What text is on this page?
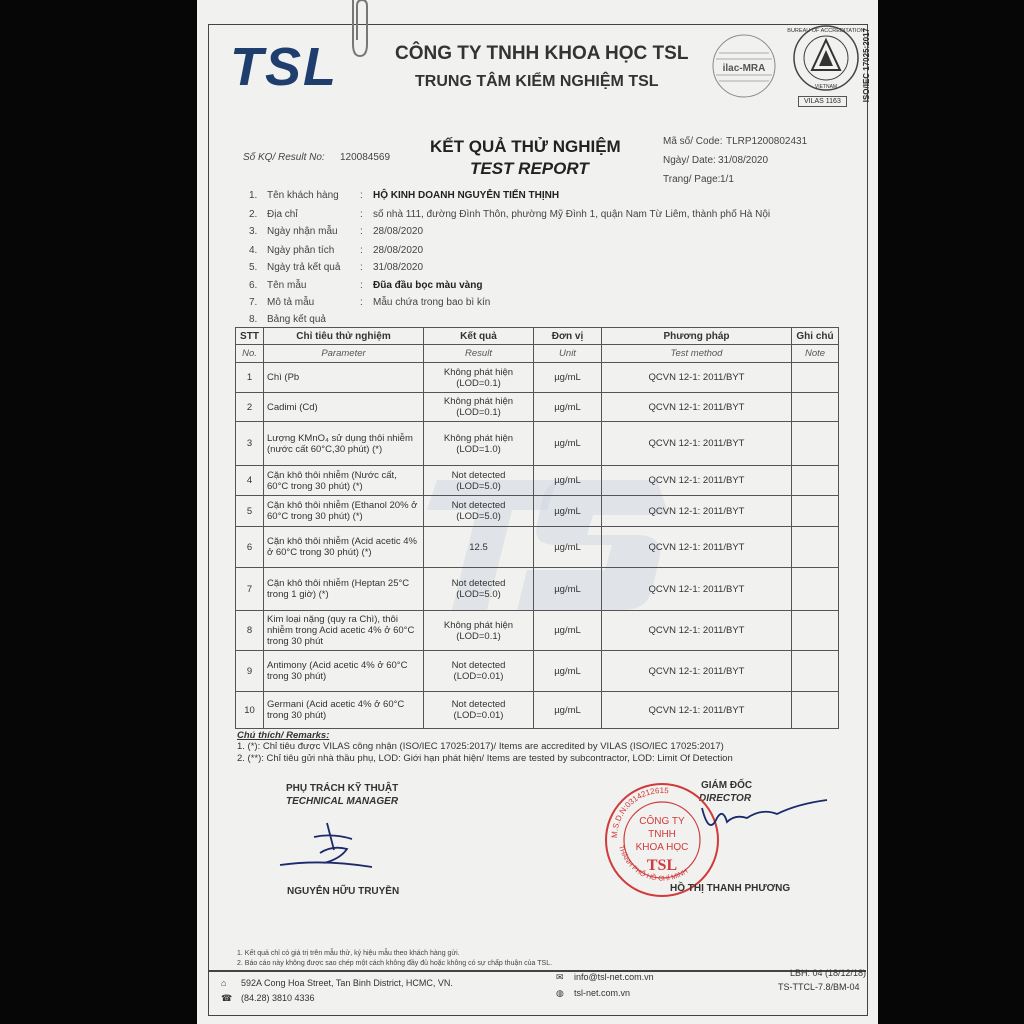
TSL	CÔNG TY TNHH KHOA HỌC TSL
TRUNG TÂM KIỂM NGHIỆM TSL
ilac-MRA
BUREAU OF ACCREDITATION
VIETNAM
VILAS 1163	ISO/IEC 17025:2017
KẾT QUẢ THỬ NGHIỆM
TEST REPORT
Số KQ/ Result No: 120084569
Mã số/ Code: TLRP1200802431
Ngày/ Date: 31/08/2020
Trang/ Page: 1/1
1. Tên khách hàng : HỘ KINH DOANH NGUYỄN TIẾN THỊNH
2. Địa chỉ	: số nhà 111, đường Đình Thôn, phường Mỹ Đình 1, quận Nam Từ Liêm, thành phố Hà Nội
3. Ngày nhận mẫu : 28/08/2020
4. Ngày phân tích	: 28/08/2020
5. Ngày trả kết quả : 31/08/2020
6. Tên mẫu	: Đũa đầu bọc màu vàng
7. Mô tả mẫu	: Mẫu chứa trong bao bì kín
8. Bảng kết quả
STT	Chỉ tiêu thử nghiệm	Kết quả	Đơn vị	Phương pháp	Ghi chú
No.	Parameter	Result	Unit	Test method	Note
1	Chì (Pb	Không phát hiện
(LOD=0.1)	µg/mL	QCVN 12-1: 2011/BYT	
2	Cadimi (Cd)	Không phát hiện
(LOD=0.1)	µg/mL	QCVN 12-1: 2011/BYT	
3	Lượng KMnO₄ sử dụng thôi nhiễm (nước cất 60°C,30 phút) (*)	Không phát hiện
(LOD=1.0)	µg/mL	QCVN 12-1: 2011/BYT	
4	Cặn khô thôi nhiễm (Nước cất, 60°C trong 30 phút) (*)	Not detected
(LOD=5.0)	µg/mL	QCVN 12-1: 2011/BYT	
5	Cặn khô thôi nhiễm (Ethanol 20% ở 60°C trong 30 phút) (*)	Not detected
(LOD=5.0)	µg/mL	QCVN 12-1: 2011/BYT	
6	Cặn khô thôi nhiễm (Acid acetic 4% ở 60°C trong 30 phút) (*)	12.5	µg/mL	QCVN 12-1: 2011/BYT	
7	Cặn khô thôi nhiễm (Heptan 25°C trong 1 giờ) (*)	Not detected
(LOD=5.0)	µg/mL	QCVN 12-1: 2011/BYT	
8	Kim loại nặng (quy ra Chì), thôi nhiễm trong Acid acetic 4% ở 60°C trong 30 phút	Không phát hiện
(LOD=0.1)	µg/mL	QCVN 12-1: 2011/BYT	
9	Antimony (Acid acetic 4% ở 60°C trong 30 phút)	Not detected
(LOD=0.01)	µg/mL	QCVN 12-1: 2011/BYT	
10	Germani (Acid acetic 4% ở 60°C trong 30 phút)	Not detected
(LOD=0.01)	µg/mL	QCVN 12-1: 2011/BYT	
Chú thích/ Remarks:
1. (*): Chỉ tiêu được VILAS công nhận (ISO/IEC 17025:2017)/ Items are accredited by VILAS (ISO/IEC 17025:2017)
2. (**): Chỉ tiêu gửi nhà thầu phụ, LOD: Giới hạn phát hiện/ Items are tested by subcontractor, LOD: Limit Of Detection
PHỤ TRÁCH KỸ THUẬT
TECHNICAL MANAGER
NGUYỄN HỮU TRUYỀN
GIÁM ĐỐC
DIRECTOR
M.S.D.N:0314212615
THÀNH PHỐ HỒ CHÍ MINH
CÔNG TY
TNHH
KHOA HỌC
TSL
HỒ THỊ THANH PHƯƠNG
1. Kết quả chỉ có giá trị trên mẫu thử, ký hiệu mẫu theo khách hàng gửi.
2. Báo cáo này không được sao chép một cách không đầy đủ hoặc không có sự chấp thuận của TSL.
⌂ 592A Cong Hoa Street, Tan Binh District, HCMC, VN.
☎ (84.28) 3810 4336
✉ info@tsl-net.com.vn
◍ tsl-net.com.vn
LBH: 04 (18/12/18)
TS-TTCL-7.8/BM-04
